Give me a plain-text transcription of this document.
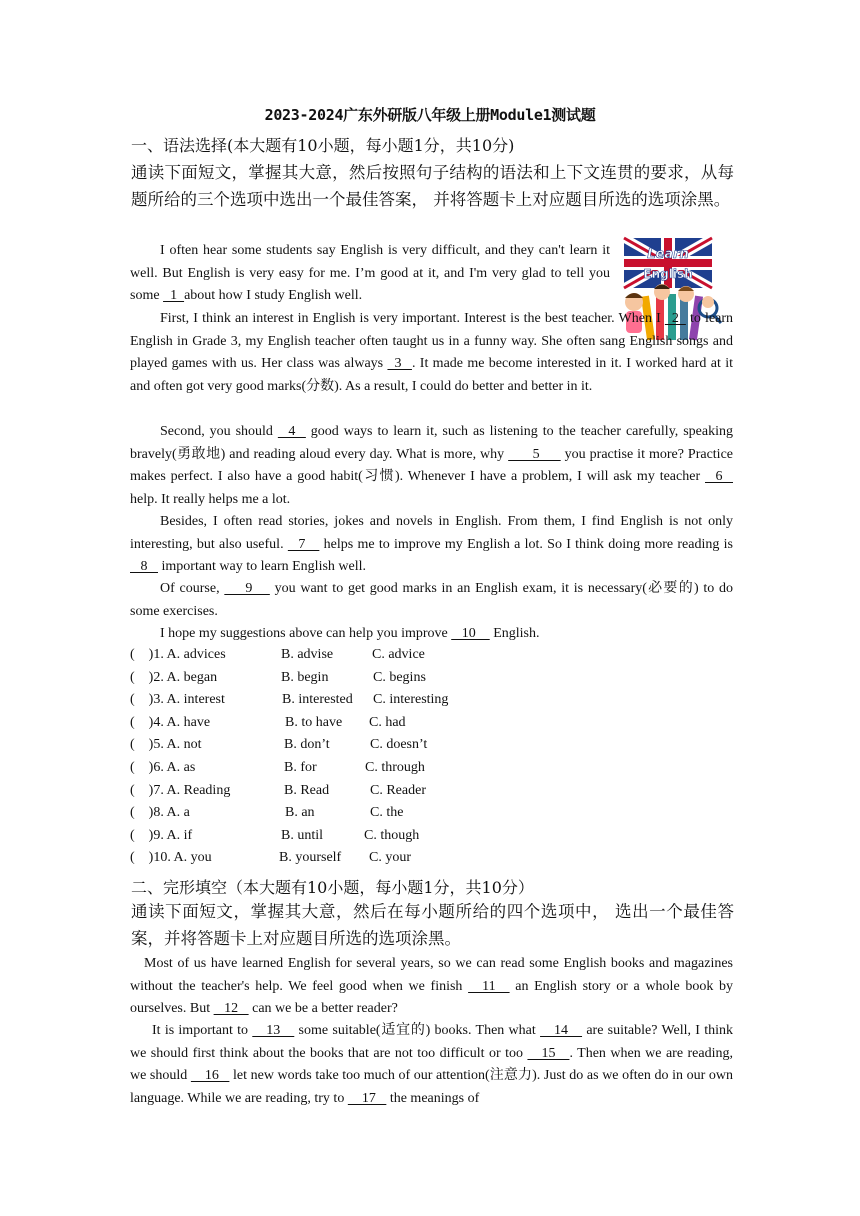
2023-2024广东外研版八年级上册Module1测试题
一、语法选择(本大题有10小题，每小题1分，共10分)
通读下面短文，掌握其大意，然后按照句子结构的语法和上下文连贯的要求，从每题所给的三个选项中选出一个最佳答案， 并将答题卡上对应题目所选的选项涂黑。
Learn
English
I often hear some students say English is very difficult, and they can't learn it well. But English is very easy for me. I’m good at it, and I'm very glad to tell you some   1  about how I study English well.
First, I think an interest in English is very important. Interest is the best teacher. When I   2   to learn English in Grade 3, my English teacher often taught us in a funny way. She often sang English songs and played games with us. Her class was always   3   . It made me become interested in it. I worked hard at it and often got very good marks(分数). As a result, I could do better and better in it.
Second, you should    4    good ways to learn it, such as listening to the teacher carefully, speaking bravely(勇敢地) and reading aloud every day. What is more, why        5       you practise it more? Practice makes perfect. I also have a good habit(习惯). Whenever I have a problem, I will ask my teacher    6    help. It really helps me a lot.
Besides, I often read stories, jokes and novels in English. From them, I find English is not only interesting, but also useful.    7     helps me to improve my English a lot. So I think doing more reading is    8    important way to learn English well.
Of course,       9      you want to get good marks in an English exam, it is necessary(必要的) to do some exercises.
I hope my suggestions above can help you improve    10     English.
(    )1. A. advices	B. advise	C. advice
(    )2. A. began	B. begin	C. begins
(    )3. A. interest	B. interested C. interesting
(    )4. A. have	B. to have C. had
(    )5. A. not	B. don’t	C. doesn’t
(    )6. A. as	B. for	C. through
(    )7. A. Reading	B. Read	C. Reader
(    )8. A. a	B. an	C. the
(    )9. A. if	B. until	C. though
(    )10. A. you	B. yourself C. your
二、完形填空（本大题有10小题，每小题1分，共10分）
通读下面短文，掌握其大意，然后在每小题所给的四个选项中， 选出一个最佳答案，并将答题卡上对应题目所选的选项涂黑。
Most of us have learned English for several years, so we can read some English books and magazines without the teacher's help. We feel good when we finish     11     an English story or a whole book by ourselves. But    12    can we be a better reader?
It is important to     13     some suitable(适宜的) books. Then what     14     are suitable? Well, I think we should first think about the books that are not too difficult or too     15    . Then when we are reading, we should     16    let new words take too much of our attention(注意力). Just do as we often do in our own language. While we are reading, try to     17    the meanings of
